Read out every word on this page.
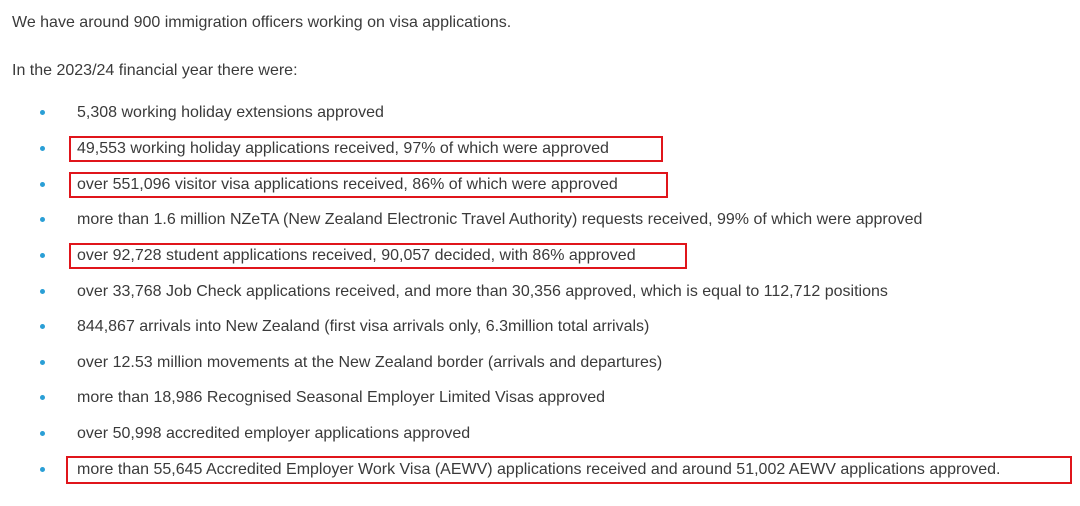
We have around 900 immigration officers working on visa applications.

In the 2023/24 financial year there were:

5,308 working holiday extensions approved
49,553 working holiday applications received, 97% of which were approved
over 551,096 visitor visa applications received, 86% of which were approved
more than 1.6 million NZeTA (New Zealand Electronic Travel Authority) requests received, 99% of which were approved
over 92,728 student applications received, 90,057 decided, with 86% approved
over 33,768 Job Check applications received, and more than 30,356 approved, which is equal to 112,712 positions
844,867 arrivals into New Zealand (first visa arrivals only, 6.3million total arrivals)
over 12.53 million movements at the New Zealand border (arrivals and departures)
more than 18,986 Recognised Seasonal Employer Limited Visas approved
over 50,998 accredited employer applications approved
more than 55,645 Accredited Employer Work Visa (AEWV) applications received and around 51,002 AEWV applications approved.
